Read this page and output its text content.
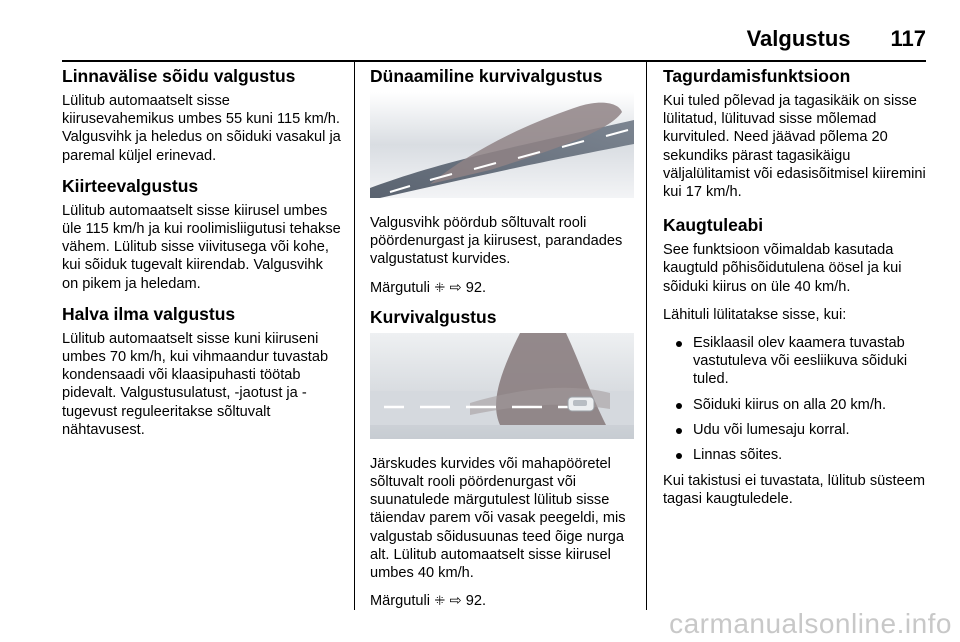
Valgustus 117
Linnavälise sõidu valgustus

Lülitub automaatselt sisse kiirusevahemikus umbes 55 kuni 115 km/h. Valgusvihk ja heledus on sõiduki vasakul ja paremal küljel erinevad.

Kiirteevalgustus

Lülitub automaatselt sisse kiirusel umbes üle 115 km/h ja kui roolimisliigutusi tehakse vähem. Lülitub sisse viivitusega või kohe, kui sõiduk tugevalt kiirendab. Valgusvihk on pikem ja heledam.

Halva ilma valgustus

Lülitub automaatselt sisse kuni kiiruseni umbes 70 km/h, kui vihmaandur tuvastab kondensaadi või klaasipuhasti töötab pidevalt. Valgustusulatust, -jaotust ja -tugevust reguleeritakse sõltuvalt nähtavusest.

Dünaamiline kurvivalgustus

Valgusvihk pöördub sõltuvalt rooli pöördenurgast ja kiirusest, parandades valgustatust kurvides.

Märgutuli ꔰ ⇨ 92.

Kurvivalgustus

Järskudes kurvides või mahapööretel sõltuvalt rooli pöördenurgast või suunatulede märgutulest lülitub sisse täiendav parem või vasak peegeldi, mis valgustab sõidusuunas teed õige nurga alt. Lülitub automaatselt sisse kiirusel umbes 40 km/h.

Märgutuli ꔰ ⇨ 92.

Tagurdamisfunktsioon

Kui tuled põlevad ja tagasikäik on sisse lülitatud, lülituvad sisse mõlemad kurvituled. Need jäävad põlema 20 sekundiks pärast tagasikäigu väljalülitamist või edasisõitmisel kiiremini kui 17 km/h.

Kaugtuleabi

See funktsioon võimaldab kasutada kaugtuld põhisõidutulena öösel ja kui sõiduki kiirus on üle 40 km/h.

Lähituli lülitatakse sisse, kui:

Esiklaasil olev kaamera tuvastab vastutuleva või eesliikuva sõiduki tuled.
Sõiduki kiirus on alla 20 km/h.
Udu või lumesaju korral.
Linnas sõites.

Kui takistusi ei tuvastata, lülitub süsteem tagasi kaugtuledele.

carmanualsonline.info
